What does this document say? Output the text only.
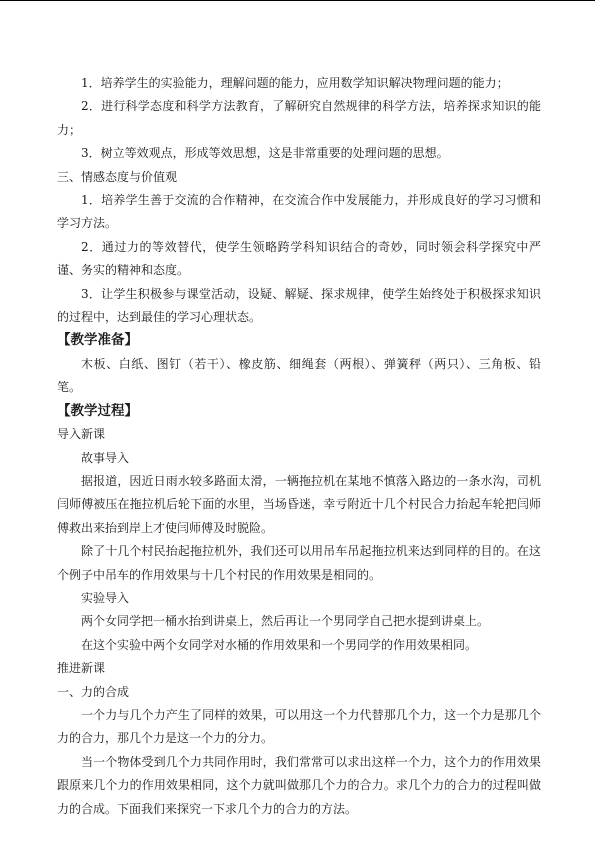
1．培养学生的实验能力，理解问题的能力，应用数学知识解决物理问题的能力；

2．进行科学态度和科学方法教育，了解研究自然规律的科学方法，培养探求知识的能力；

3．树立等效观点，形成等效思想，这是非常重要的处理问题的思想。

三、情感态度与价值观

1．培养学生善于交流的合作精神，在交流合作中发展能力，并形成良好的学习习惯和学习方法。

2．通过力的等效替代，使学生领略跨学科知识结合的奇妙，同时领会科学探究中严谨、务实的精神和态度。

3．让学生积极参与课堂活动，设疑、解疑、探求规律，使学生始终处于积极探求知识的过程中，达到最佳的学习心理状态。

【教学准备】

木板、白纸、图钉（若干）、橡皮筋、细绳套（两根）、弹簧秤（两只）、三角板、铅笔。

【教学过程】

导入新课

故事导入

据报道，因近日雨水较多路面太滑，一辆拖拉机在某地不慎落入路边的一条水沟，司机闫师傅被压在拖拉机后轮下面的水里，当场昏迷，幸亏附近十几个村民合力抬起车轮把闫师傅救出来抬到岸上才使闫师傅及时脱险。

除了十几个村民抬起拖拉机外，我们还可以用吊车吊起拖拉机来达到同样的目的。在这个例子中吊车的作用效果与十几个村民的作用效果是相同的。

实验导入

两个女同学把一桶水抬到讲桌上，然后再让一个男同学自己把水提到讲桌上。

在这个实验中两个女同学对水桶的作用效果和一个男同学的作用效果相同。

推进新课

一、力的合成

一个力与几个力产生了同样的效果，可以用这一个力代替那几个力，这一个力是那几个力的合力，那几个力是这一个力的分力。

当一个物体受到几个力共同作用时，我们常常可以求出这样一个力，这个力的作用效果跟原来几个力的作用效果相同，这个力就叫做那几个力的合力。求几个力的合力的过程叫做力的合成。下面我们来探究一下求几个力的合力的方法。
